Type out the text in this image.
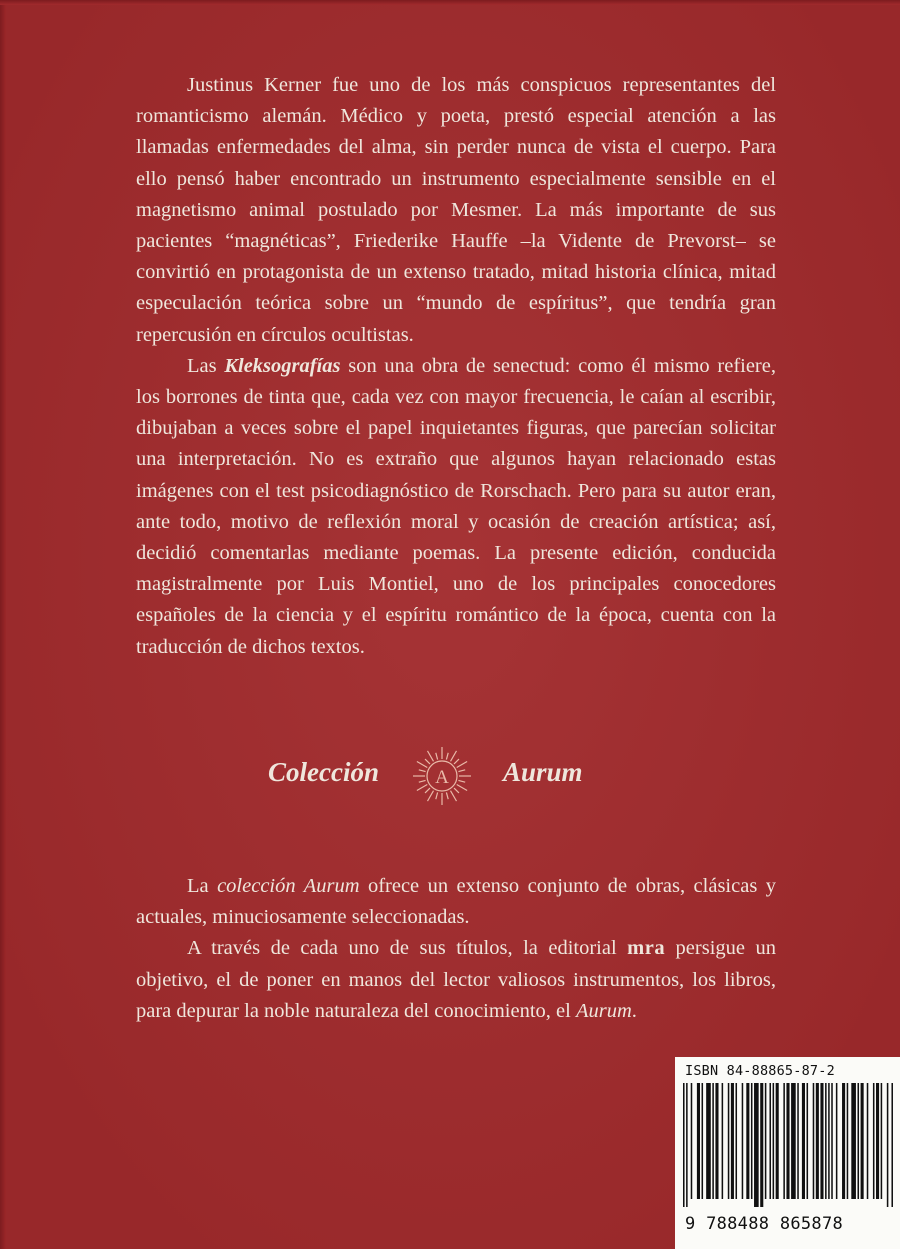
Justinus Kerner fue uno de los más conspicuos representantes del romanticismo alemán. Médico y poeta, prestó especial atención a las llamadas enfermedades del alma, sin perder nunca de vista el cuerpo. Para ello pensó haber encontrado un instrumento especialmente sensible en el magnetismo animal postulado por Mesmer. La más importante de sus pacientes “magnéticas”, Friederike Hauffe –la Vidente de Prevorst– se convirtió en protagonista de un extenso tratado, mitad historia clínica, mitad especulación teórica sobre un “mundo de espíritus”, que tendría gran repercusión en círculos ocultistas.

Las Kleksografías son una obra de senectud: como él mismo refiere, los borrones de tinta que, cada vez con mayor frecuencia, le caían al escribir, dibujaban a veces sobre el papel inquietantes figuras, que parecían solicitar una interpretación. No es extraño que algunos hayan relacionado estas imágenes con el test psicodiagnóstico de Rorschach. Pero para su autor eran, ante todo, motivo de reflexión moral y ocasión de creación artística; así, decidió comentarlas mediante poemas. La presente edición, conducida magistralmente por Luis Montiel, uno de los principales conocedores españoles de la ciencia y el espíritu romántico de la época, cuenta con la traducción de dichos textos.

Colección	A Aurum

La colección Aurum ofrece un extenso conjunto de obras, clásicas y actuales, minuciosamente seleccionadas.

A través de cada uno de sus títulos, la editorial mra persigue un objetivo, el de poner en manos del lector valiosos instrumentos, los libros, para depurar la noble naturaleza del conocimiento, el Aurum.

ISBN 84-88865-87-2
9 788488 865878
